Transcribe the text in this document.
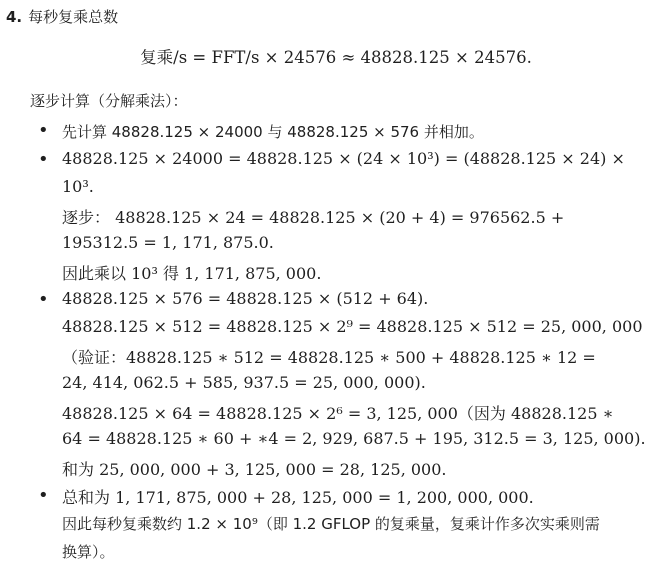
4. 每秒复乘总数
复乘/s = FFT/s × 24576 ≈ 48828.125 × 24576.
逐步计算（分解乘法）：
• 先计算 48828.125 × 24000 与 48828.125 × 576 并相加。
• 48828.125 × 24000 = 48828.125 × (24 × 10³) = (48828.125 × 24) ×
10³.
逐步： 48828.125 × 24 = 48828.125 × (20 + 4) = 976562.5 +
195312.5 = 1, 171, 875.0.
因此乘以 10³ 得 1, 171, 875, 000.
• 48828.125 × 576 = 48828.125 × (512 + 64).
48828.125 × 512 = 48828.125 × 2⁹ = 48828.125 × 512 = 25, 000, 000
（验证：48828.125 ∗ 512 = 48828.125 ∗ 500 + 48828.125 ∗ 12 =
24, 414, 062.5 + 585, 937.5 = 25, 000, 000).
48828.125 × 64 = 48828.125 × 2⁶ = 3, 125, 000（因为 48828.125 ∗
64 = 48828.125 ∗ 60 + ∗4 = 2, 929, 687.5 + 195, 312.5 = 3, 125, 000).
和为 25, 000, 000 + 3, 125, 000 = 28, 125, 000.
• 总和为 1, 171, 875, 000 + 28, 125, 000 = 1, 200, 000, 000.
因此每秒复乘数约 1.2 × 10⁹（即 1.2 GFLOP 的复乘量，复乘计作多次实乘则需
换算）。
